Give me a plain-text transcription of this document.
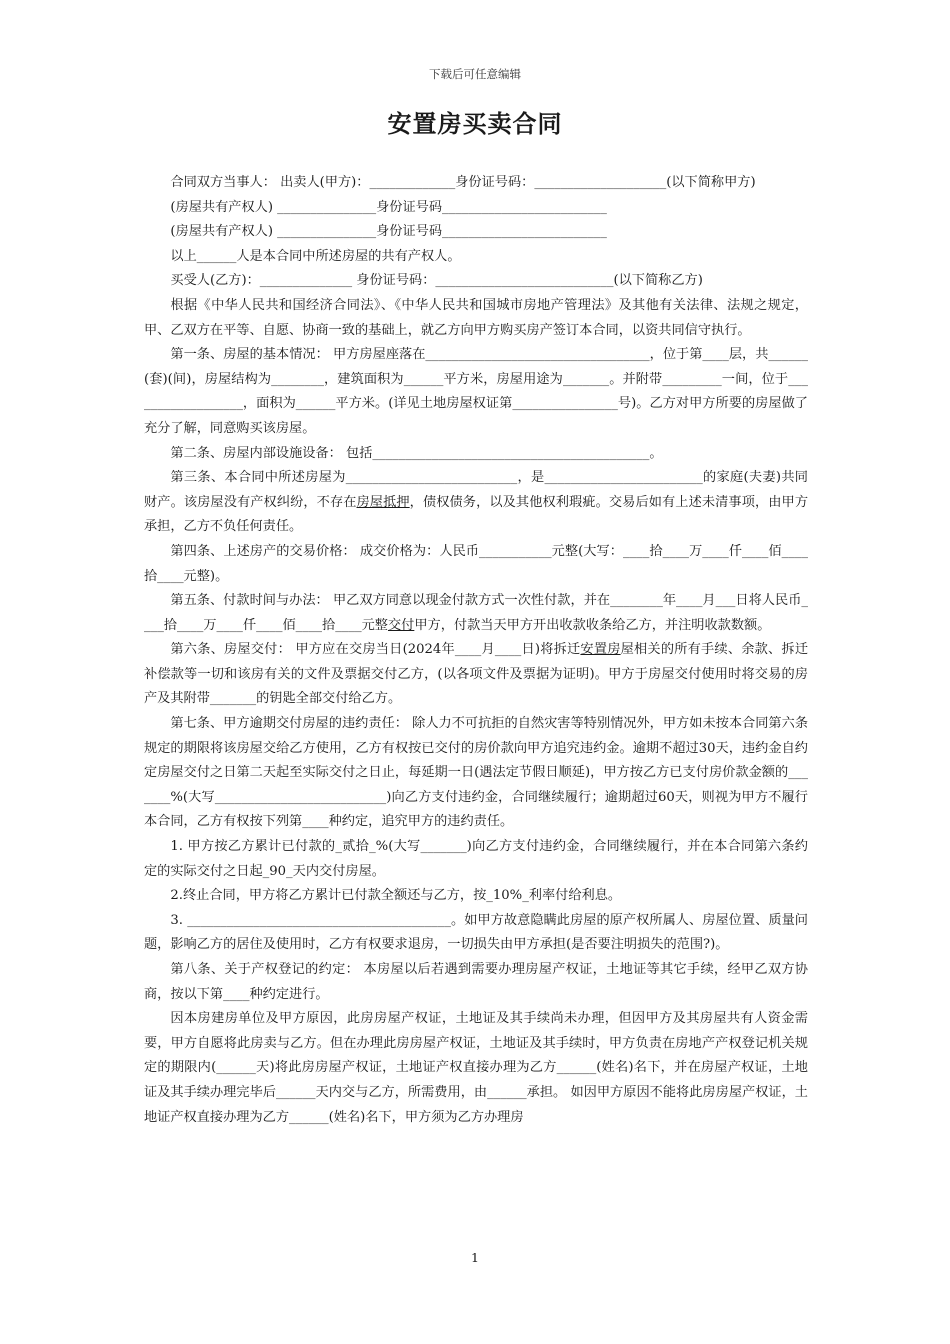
下载后可任意编辑
安置房买卖合同

合同双方当事人： 出卖人(甲方)：_____________身份证号码：____________________(以下简称甲方)

(房屋共有产权人) _______________身份证号码_________________________

(房屋共有产权人) _______________身份证号码_________________________

以上______人是本合同中所述房屋的共有产权人。

买受人(乙方)：______________ 身份证号码：___________________________(以下简称乙方)

根据《中华人民共和国经济合同法》、《中华人民共和国城市房地产管理法》及其他有关法律、法规之规定，甲、乙双方在平等、自愿、协商一致的基础上，就乙方向甲方购买房产签订本合同，以资共同信守执行。

第一条、房屋的基本情况： 甲方房屋座落在__________________________________，位于第____层，共______(套)(间)，房屋结构为________，建筑面积为______平方米，房屋用途为_______。并附带_________一间，位于__________________，面积为______平方米。(详见土地房屋权证第________________号)。乙方对甲方所要的房屋做了充分了解，同意购买该房屋。

第二条、房屋内部设施设备： 包括__________________________________________。

第三条、本合同中所述房屋为__________________________，是________________________的家庭(夫妻)共同财产。该房屋没有产权纠纷，不存在房屋抵押，债权债务，以及其他权利瑕疵。交易后如有上述未清事项，由甲方承担，乙方不负任何责任。

第四条、上述房产的交易价格： 成交价格为：人民币___________元整(大写：____拾____万____仟____佰____拾____元整)。

第五条、付款时间与办法： 甲乙双方同意以现金付款方式一次性付款，并在________年____月___日将人民币____拾____万____仟____佰____拾____元整交付甲方，付款当天甲方开出收款收条给乙方，并注明收款数额。

第六条、房屋交付： 甲方应在交房当日(2024年____月____日)将拆迁安置房屋相关的所有手续、余款、拆迁补偿款等一切和该房有关的文件及票据交付乙方，(以各项文件及票据为证明)。甲方于房屋交付使用时将交易的房产及其附带_______的钥匙全部交付给乙方。

第七条、甲方逾期交付房屋的违约责任： 除人力不可抗拒的自然灾害等特别情况外，甲方如未按本合同第六条规定的期限将该房屋交给乙方使用，乙方有权按已交付的房价款向甲方追究违约金。逾期不超过30天，违约金自约定房屋交付之日第二天起至实际交付之日止，每延期一日(遇法定节假日顺延)，甲方按乙方已支付房价款金额的_______%(大写__________________________)向乙方支付违约金，合同继续履行；逾期超过60天，则视为甲方不履行本合同，乙方有权按下列第____种约定，追究甲方的违约责任。

1. 甲方按乙方累计已付款的_贰拾_%(大写_______)向乙方支付违约金，合同继续履行，并在本合同第六条约定的实际交付之日起_90_天内交付房屋。

2.终止合同，甲方将乙方累计已付款全额还与乙方，按_10%_利率付给利息。

3. ________________________________________。如甲方故意隐瞒此房屋的原产权所属人、房屋位置、质量问题，影响乙方的居住及使用时，乙方有权要求退房，一切损失由甲方承担(是否要注明损失的范围?)。

第八条、关于产权登记的约定： 本房屋以后若遇到需要办理房屋产权证，土地证等其它手续，经甲乙双方协商，按以下第____种约定进行。

因本房建房单位及甲方原因，此房房屋产权证，土地证及其手续尚未办理，但因甲方及其房屋共有人资金需要，甲方自愿将此房卖与乙方。但在办理此房房屋产权证，土地证及其手续时，甲方负责在房地产产权登记机关规定的期限内(______天)将此房房屋产权证，土地证产权直接办理为乙方______(姓名)名下，并在房屋产权证，土地证及其手续办理完毕后______天内交与乙方，所需费用，由______承担。 如因甲方原因不能将此房房屋产权证，土地证产权直接办理为乙方______(姓名)名下，甲方须为乙方办理房

1
